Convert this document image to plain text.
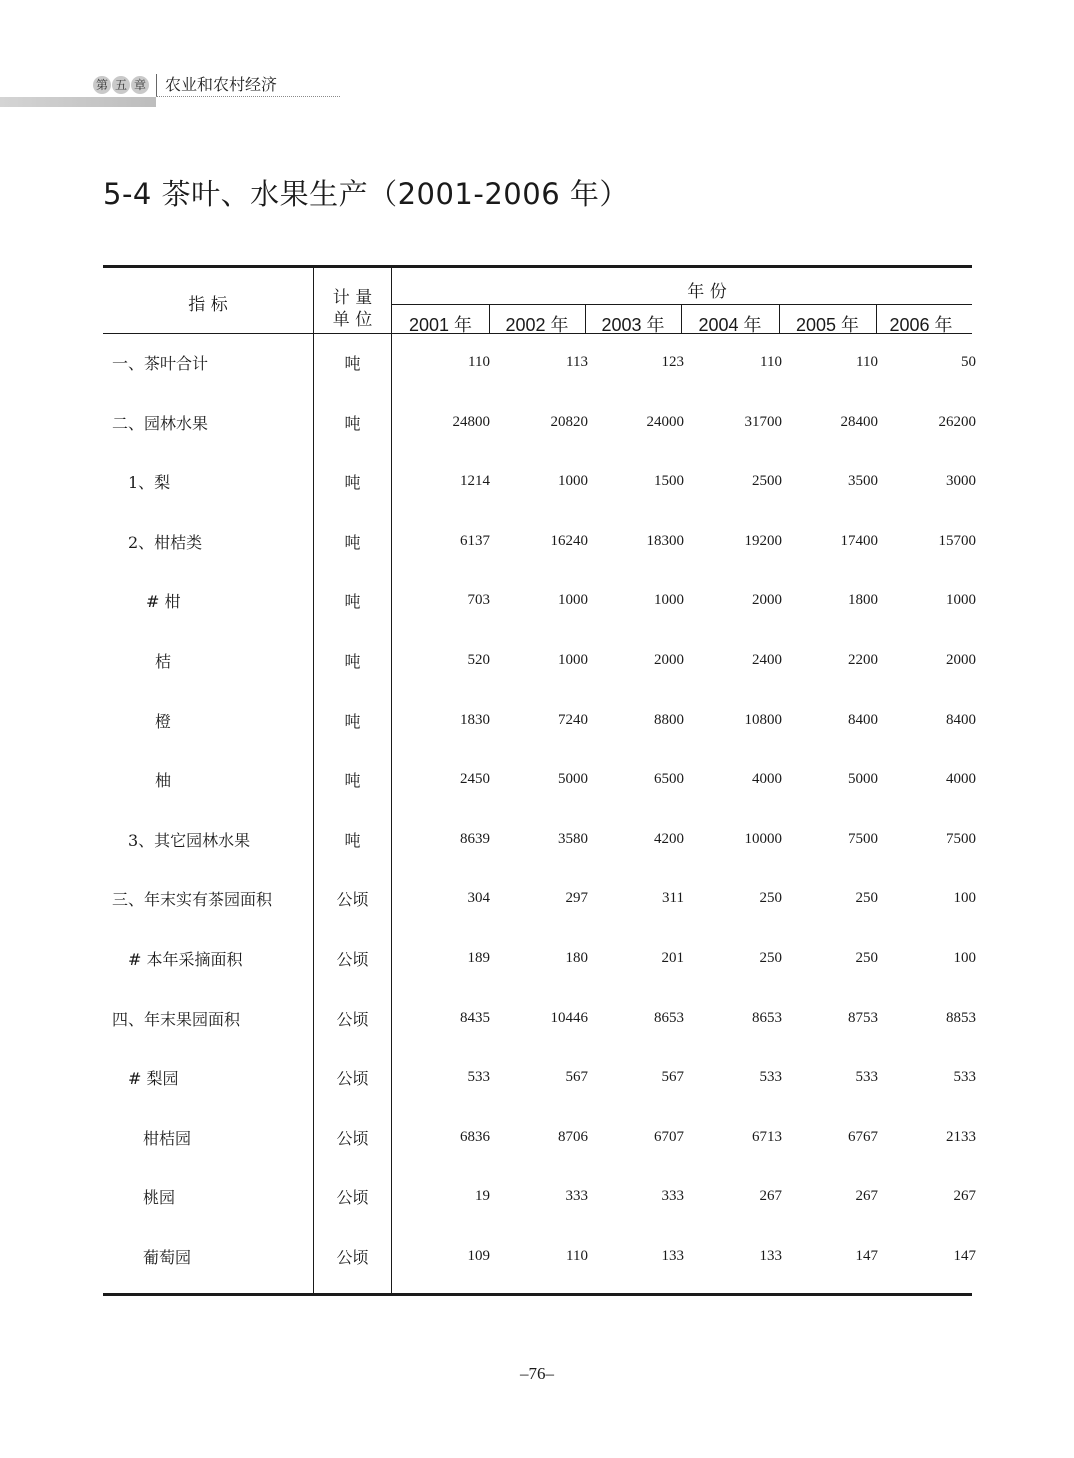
第 五 章 农业和农村经济
5-4 茶叶、水果生产（2001-2006 年）
指 标	计 量
单 位
年 份
2001 年	2002 年	2003 年	2004 年	2005 年	2006 年
一、茶叶合计	吨	110	113	123	110	110	50
二、园林水果	吨	24800	20820	24000	31700	28400	26200
1、梨	吨	1214	1000	1500	2500	3500	3000
2、柑桔类	吨	6137	16240	18300	19200	17400	15700
# 柑	吨	703	1000	1000	2000	1800	1000
桔	吨	520	1000	2000	2400	2200	2000
橙	吨	1830	7240	8800	10800	8400	8400
柚	吨	2450	5000	6500	4000	5000	4000
3、其它园林水果	吨	8639	3580	4200	10000	7500	7500
三、年末实有茶园面积	公顷	304	297	311	250	250	100
# 本年采摘面积	公顷	189	180	201	250	250	100
四、年末果园面积	公顷	8435	10446	8653	8653	8753	8853
# 梨园	公顷	533	567	567	533	533	533
柑桔园	公顷	6836	8706	6707	6713	6767	2133
桃园	公顷	19	333	333	267	267	267
葡萄园	公顷	109	110	133	133	147	147
–76–
